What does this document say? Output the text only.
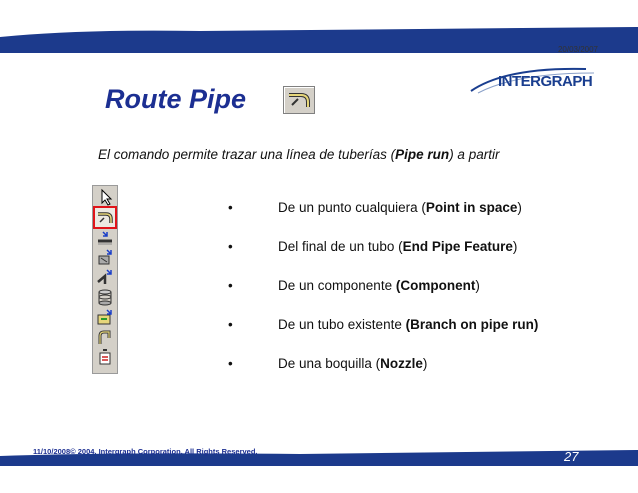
20/03/2007
INTERGRAPH
Route Pipe
El comando permite trazar una línea de tuberías (Pipe run) a partir
•	De un punto cualquiera (Point in space)
•	Del final de un tubo (End Pipe Feature)
•	De un componente (Component)
•	De un tubo existente (Branch on pipe run)
•	De una boquilla (Nozzle)
11/10/2008© 2004. Intergraph Corporation. All Rights Reserved.	27
